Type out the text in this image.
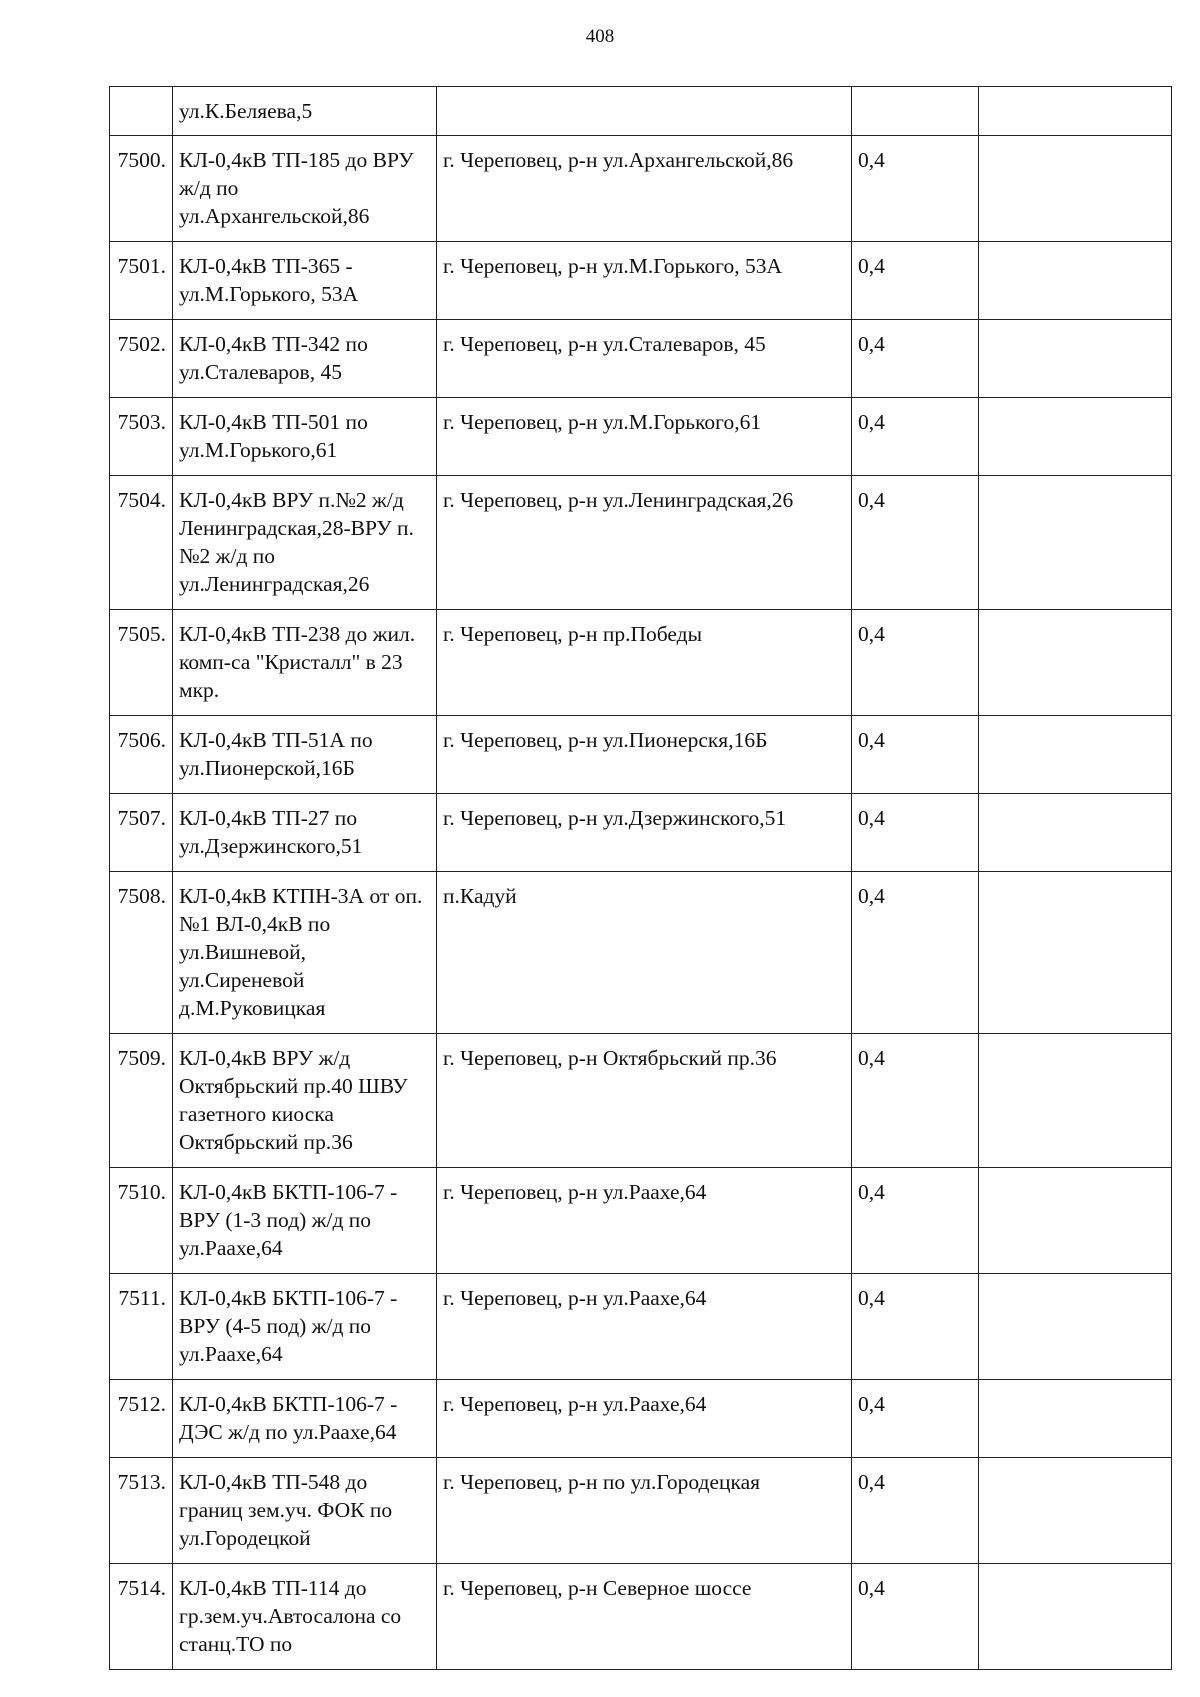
408
	ул.К.Беляева,5			
7500.	КЛ-0,4кВ ТП-185 до ВРУ ж/д по ул.Архангельской,86	г. Череповец, р-н ул.Архангельской,86	0,4	
7501.	КЛ-0,4кВ ТП-365 - ул.М.Горького, 53А	г. Череповец, р-н ул.М.Горького, 53А	0,4	
7502.	КЛ-0,4кВ ТП-342 по ул.Сталеваров, 45	г. Череповец, р-н ул.Сталеваров, 45	0,4	
7503.	КЛ-0,4кВ ТП-501 по ул.М.Горького,61	г. Череповец, р-н ул.М.Горького,61	0,4	
7504.	КЛ-0,4кВ ВРУ п.№2 ж/д Ленинградская,28-ВРУ п.№2 ж/д по ул.Ленинградская,26	г. Череповец, р-н ул.Ленинградская,26	0,4	
7505.	КЛ-0,4кВ ТП-238 до жил. комп-са "Кристалл" в 23 мкр.	г. Череповец, р-н пр.Победы	0,4	
7506.	КЛ-0,4кВ ТП-51А по ул.Пионерской,16Б	г. Череповец, р-н ул.Пионерскя,16Б	0,4	
7507.	КЛ-0,4кВ ТП-27 по ул.Дзержинского,51	г. Череповец, р-н ул.Дзержинского,51	0,4	
7508.	КЛ-0,4кВ КТПН-3А от оп.№1 ВЛ-0,4кВ по ул.Вишневой, ул.Сиреневой д.М.Руковицкая	п.Кадуй	0,4	
7509.	КЛ-0,4кВ ВРУ ж/д Октябрьский пр.40 ШВУ газетного киоска Октябрьский пр.36	г. Череповец, р-н Октябрьский пр.36	0,4	
7510.	КЛ-0,4кВ БКТП-106-7 - ВРУ (1-3 под) ж/д по ул.Раахе,64	г. Череповец, р-н ул.Раахе,64	0,4	
7511.	КЛ-0,4кВ БКТП-106-7 - ВРУ (4-5 под) ж/д по ул.Раахе,64	г. Череповец, р-н ул.Раахе,64	0,4	
7512.	КЛ-0,4кВ БКТП-106-7 - ДЭС ж/д по ул.Раахе,64	г. Череповец, р-н ул.Раахе,64	0,4	
7513.	КЛ-0,4кВ ТП-548 до границ зем.уч. ФОК по ул.Городецкой	г. Череповец, р-н по ул.Городецкая	0,4	
7514.	КЛ-0,4кВ ТП-114 до гр.зем.уч.Автосалона со станц.ТО по	г. Череповец, р-н Северное шоссе	0,4	
